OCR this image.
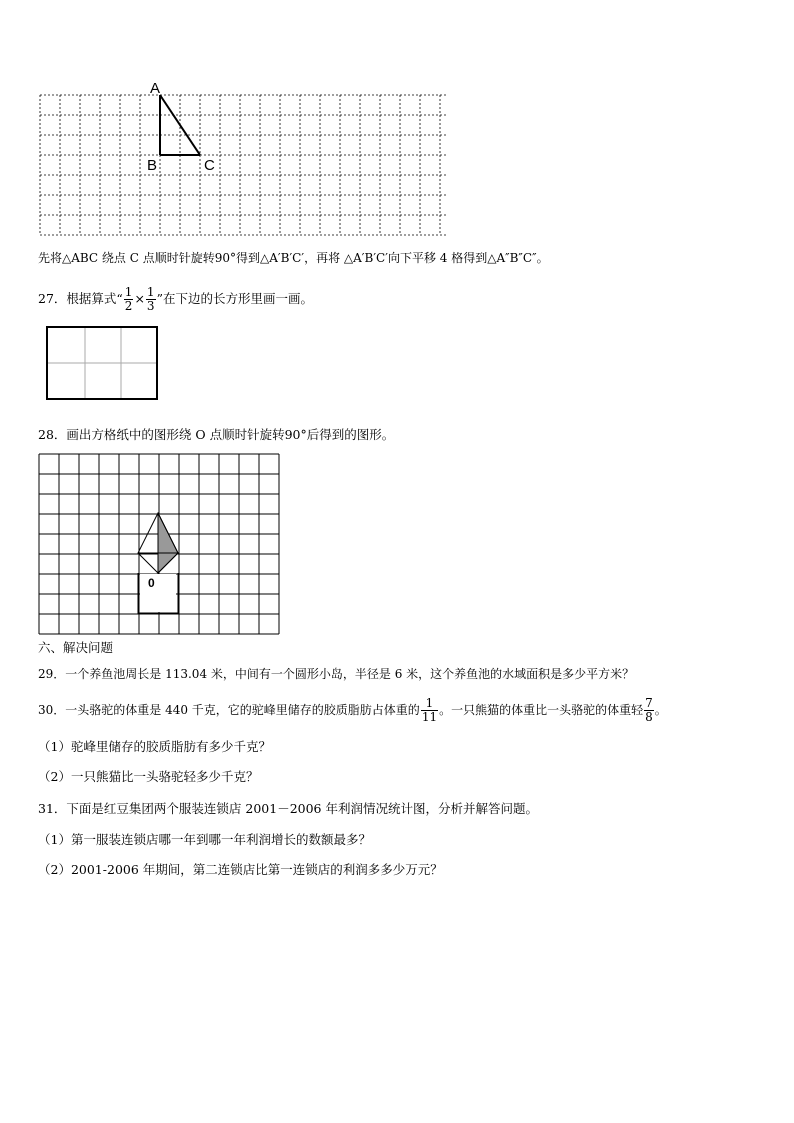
A
B	C
先将△ABC 绕点 C 点顺时针旋转90°得到△A′B′C′，再将 △A′B′C′向下平移 4 格得到△A″B″C″。
27．根据算式“ $\frac{1}{2} \times \frac{1}{3}$ ”在下边的长方形里画一画。
28．画出方格纸中的图形绕 O 点顺时针旋转90°后得到的图形。
0
六、解决问题
29．一个养鱼池周长是 113.04 米，中间有一个圆形小岛，半径是 6 米，这个养鱼池的水域面积是多少平方米？
30．一头骆驼的体重是 440 千克，它的驼峰里储存的胶质脂肪占体重的 $\frac{1}{11}$ 。一只熊猫的体重比一头骆驼的体重轻 $\frac{7}{8}$ 。
（1）驼峰里储存的胶质脂肪有多少千克？
（2）一只熊猫比一头骆驼轻多少千克？
31．下面是红豆集团两个服装连锁店 2001－2006 年利润情况统计图，分析并解答问题。
（1）第一服装连锁店哪一年到哪一年利润增长的数额最多？
（2）2001-2006 年期间，第二连锁店比第一连锁店的利润多多少万元？
